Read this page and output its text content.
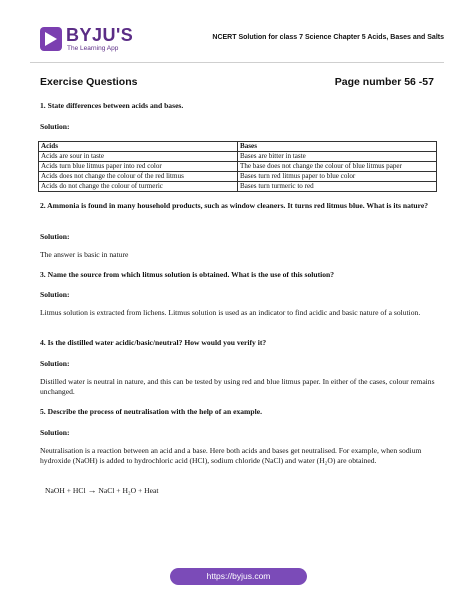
BYJU'S
The Learning App
NCERT Solution for class 7 Science Chapter 5 Acids, Bases and Salts
Exercise Questions	Page number 56 -57
1. State differences between acids and bases.
Solution:
Acids	Bases
Acids are sour in taste	Bases are bitter in taste
Acids turn blue litmus paper into red color	The base does not change the colour of blue litmus paper
Acids does not change the colour of the red litmus	Bases turn red litmus paper to blue color
Acids do not change the colour of turmeric	Bases turn turmeric to red
2. Ammonia is found in many household products, such as window cleaners. It turns red litmus blue. What is its nature?
Solution:
The answer is basic in nature
3. Name the source from which litmus solution is obtained. What is the use of this solution?
Solution:
Litmus solution is extracted from lichens. Litmus solution is used as an indicator to find acidic and basic nature of a solution.
4. Is the distilled water acidic/basic/neutral? How would you verify it?
Solution:
Distilled water is neutral in nature, and this can be tested by using red and blue litmus paper. In either of the cases, colour remains unchanged.
5. Describe the process of neutralisation with the help of an example.
Solution:
Neutralisation is a reaction between an acid and a base. Here both acids and bases get neutralised. For example, when sodium hydroxide (NaOH) is added to hydrochloric acid (HCl), sodium chloride (NaCl) and water (H₂O) are obtained.
NaOH + HCl → NaCl + H₂O + Heat
https://byjus.com
